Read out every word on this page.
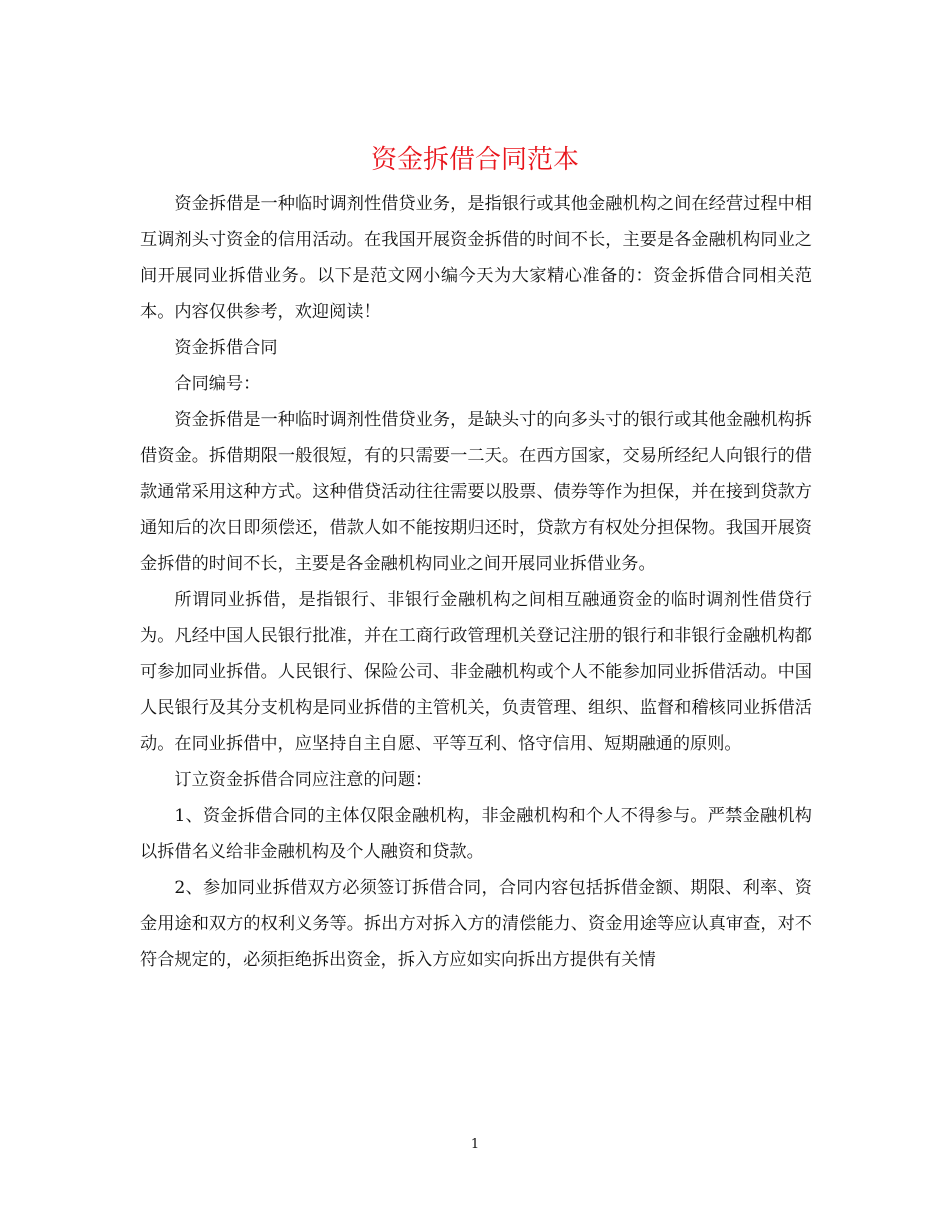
资金拆借合同范本

资金拆借是一种临时调剂性借贷业务，是指银行或其他金融机构之间在经营过程中相互调剂头寸资金的信用活动。在我国开展资金拆借的时间不长，主要是各金融机构同业之间开展同业拆借业务。以下是范文网小编今天为大家精心准备的：资金拆借合同相关范本。内容仅供参考，欢迎阅读！

资金拆借合同

合同编号：

资金拆借是一种临时调剂性借贷业务，是缺头寸的向多头寸的银行或其他金融机构拆借资金。拆借期限一般很短，有的只需要一二天。在西方国家，交易所经纪人向银行的借款通常采用这种方式。这种借贷活动往往需要以股票、债券等作为担保，并在接到贷款方通知后的次日即须偿还，借款人如不能按期归还时，贷款方有权处分担保物。我国开展资金拆借的时间不长，主要是各金融机构同业之间开展同业拆借业务。

所谓同业拆借，是指银行、非银行金融机构之间相互融通资金的临时调剂性借贷行为。凡经中国人民银行批准，并在工商行政管理机关登记注册的银行和非银行金融机构都可参加同业拆借。人民银行、保险公司、非金融机构或个人不能参加同业拆借活动。中国人民银行及其分支机构是同业拆借的主管机关，负责管理、组织、监督和稽核同业拆借活动。在同业拆借中，应坚持自主自愿、平等互利、恪守信用、短期融通的原则。

订立资金拆借合同应注意的问题：

1、资金拆借合同的主体仅限金融机构，非金融机构和个人不得参与。严禁金融机构以拆借名义给非金融机构及个人融资和贷款。

2、参加同业拆借双方必须签订拆借合同，合同内容包括拆借金额、期限、利率、资金用途和双方的权利义务等。拆出方对拆入方的清偿能力、资金用途等应认真审查，对不符合规定的，必须拒绝拆出资金，拆入方应如实向拆出方提供有关情

1
